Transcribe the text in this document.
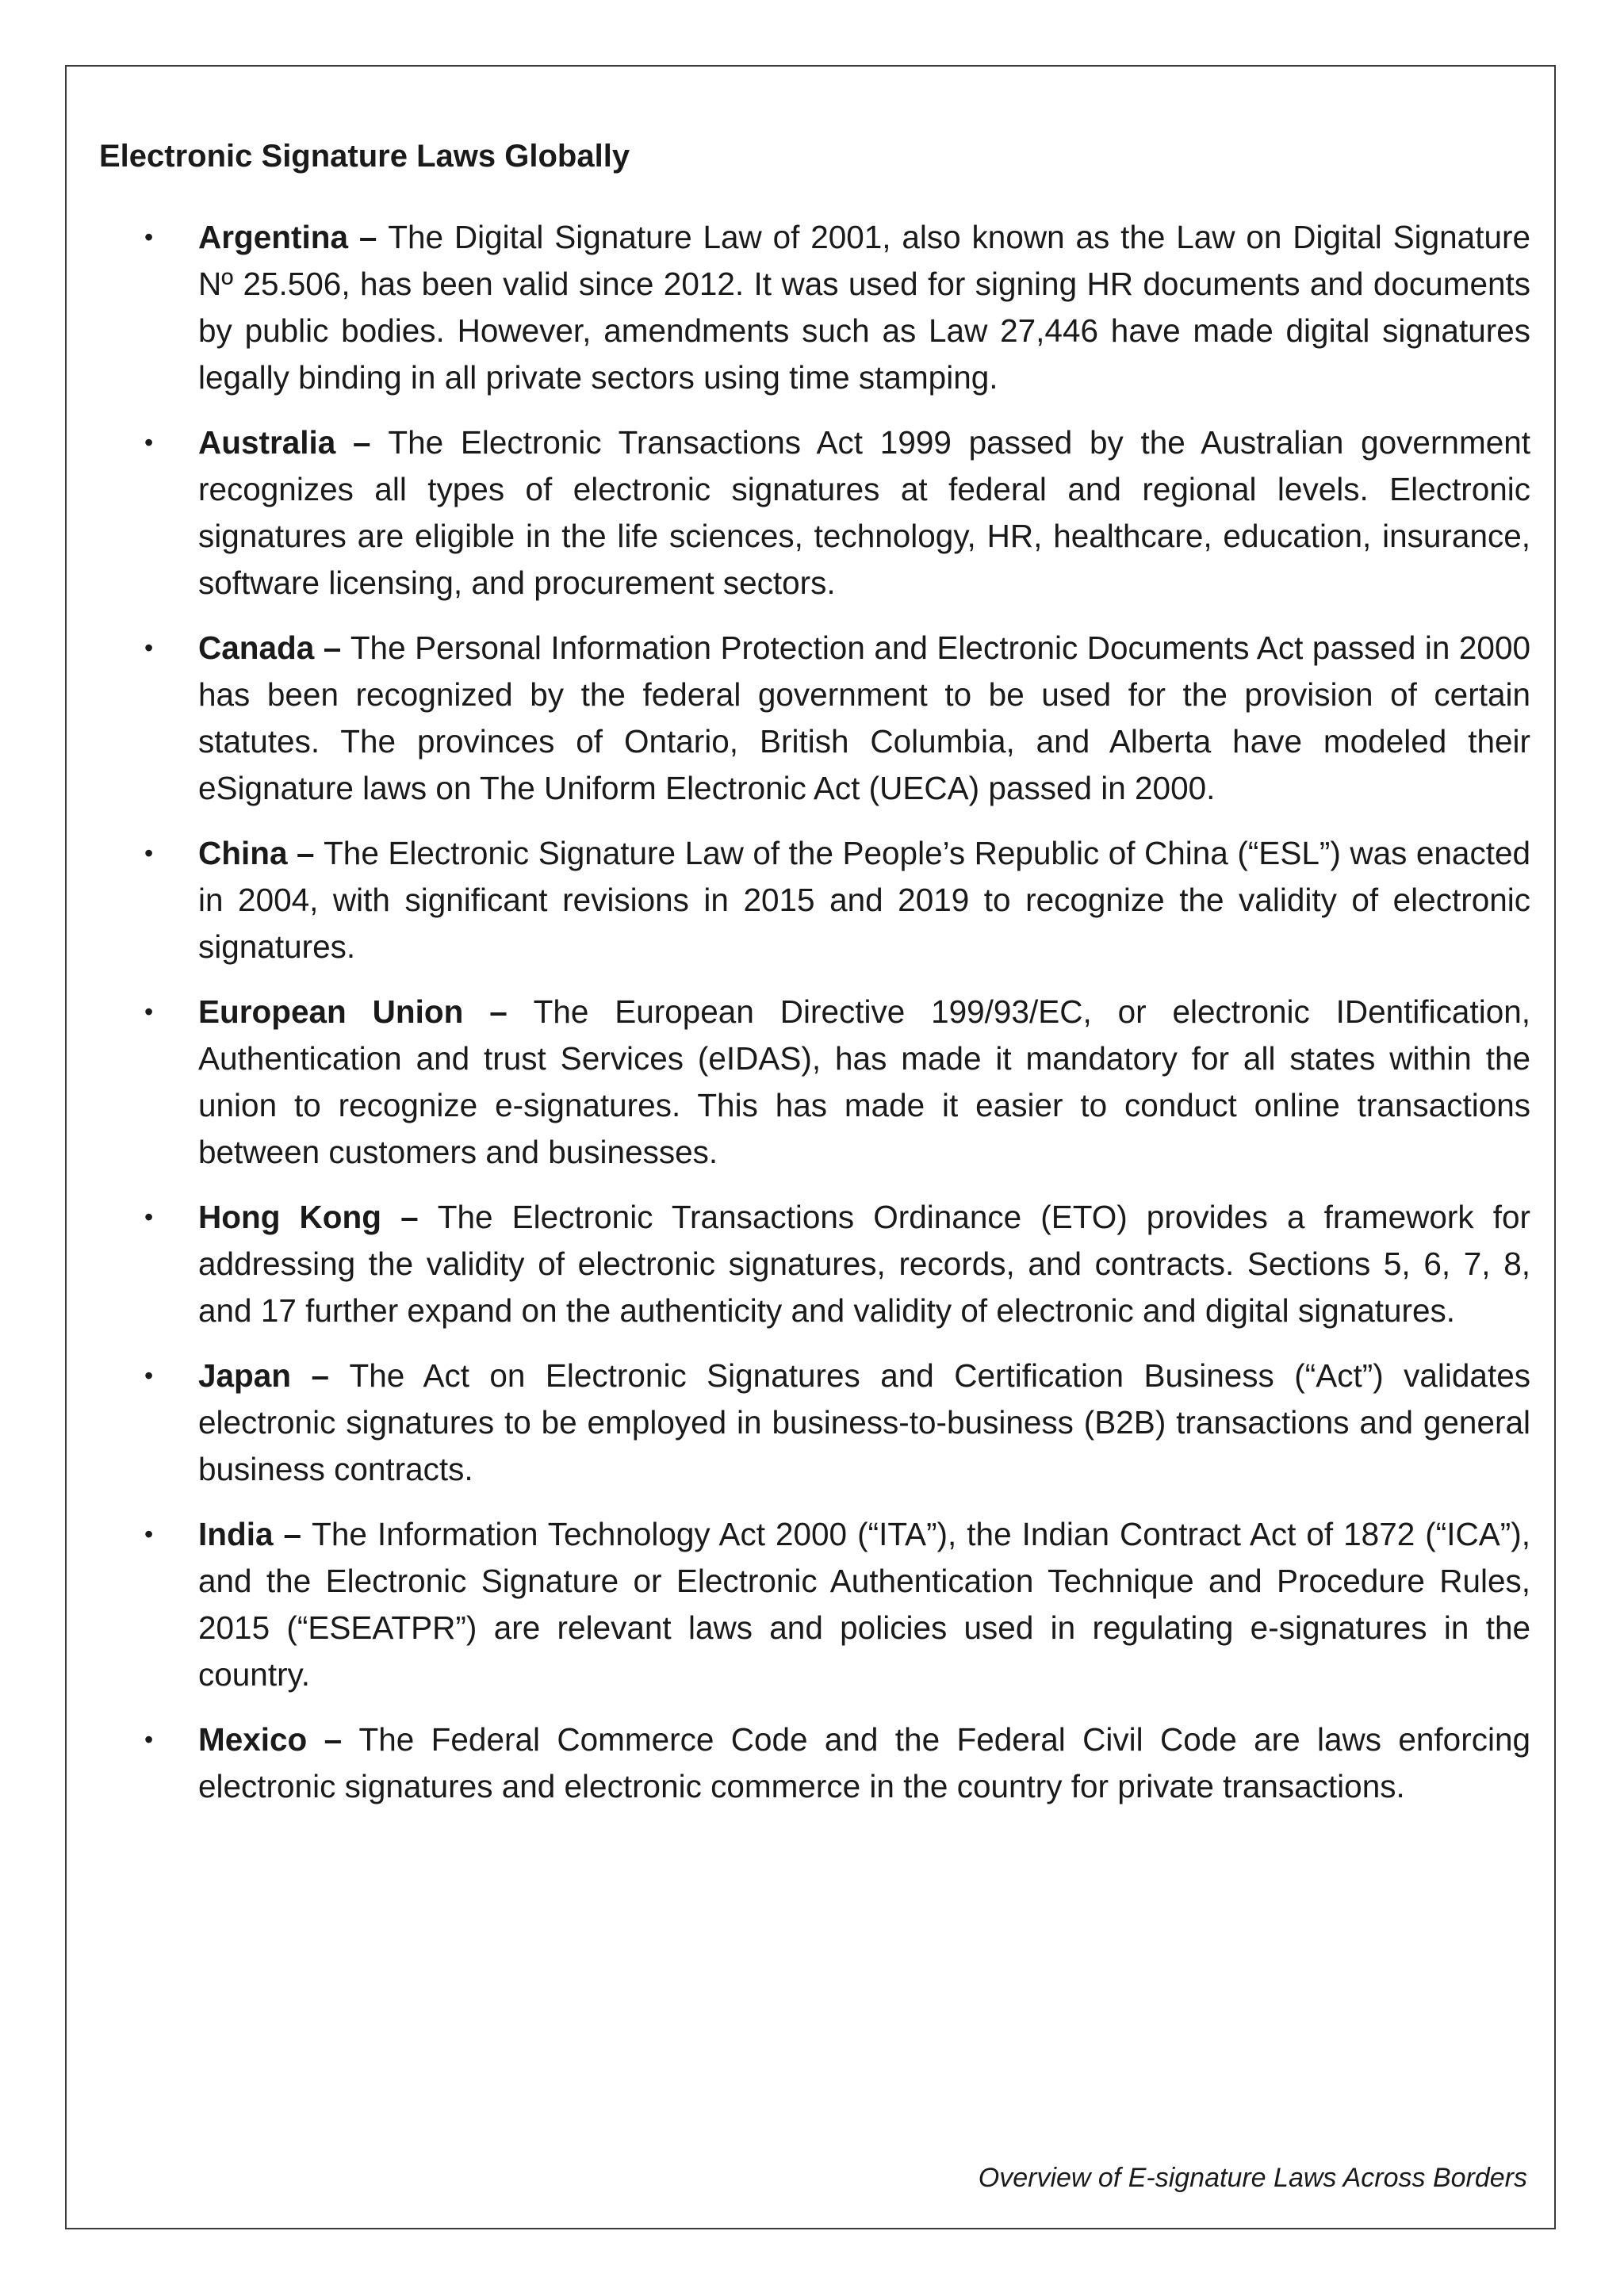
Electronic Signature Laws Globally
• Argentina – The Digital Signature Law of 2001, also known as the Law on Digital Signature Nº 25.506, has been valid since 2012. It was used for signing HR documents and documents by public bodies. However, amendments such as Law 27,446 have made digital signatures legally binding in all private sectors using time stamping.
• Australia – The Electronic Transactions Act 1999 passed by the Australian government recognizes all types of electronic signatures at federal and regional levels. Electronic signatures are eligible in the life sciences, technology, HR, healthcare, education, insurance, software licensing, and procurement sectors.
• Canada – The Personal Information Protection and Electronic Documents Act passed in 2000 has been recognized by the federal government to be used for the provision of certain statutes. The provinces of Ontario, British Columbia, and Alberta have modeled their eSignature laws on The Uniform Electronic Act (UECA) passed in 2000.
• China – The Electronic Signature Law of the People’s Republic of China (“ESL”) was enacted in 2004, with significant revisions in 2015 and 2019 to recognize the validity of electronic signatures.
• European Union – The European Directive 199/93/EC, or electronic IDentification, Authentication and trust Services (eIDAS), has made it mandatory for all states within the union to recognize e-signatures. This has made it easier to conduct online transactions between customers and businesses.
• Hong Kong – The Electronic Transactions Ordinance (ETO) provides a framework for addressing the validity of electronic signatures, records, and contracts. Sections 5, 6, 7, 8, and 17 further expand on the authenticity and validity of electronic and digital signatures.
• Japan – The Act on Electronic Signatures and Certification Business (“Act”) validates electronic signatures to be employed in business-to-business (B2B) transactions and general business contracts.
• India – The Information Technology Act 2000 (“ITA”), the Indian Contract Act of 1872 (“ICA”), and the Electronic Signature or Electronic Authentication Technique and Procedure Rules, 2015 (“ESEATPR”) are relevant laws and policies used in regulating e-signatures in the country.
• Mexico – The Federal Commerce Code and the Federal Civil Code are laws enforcing electronic signatures and electronic commerce in the country for private transactions.

Overview of E-signature Laws Across Borders
